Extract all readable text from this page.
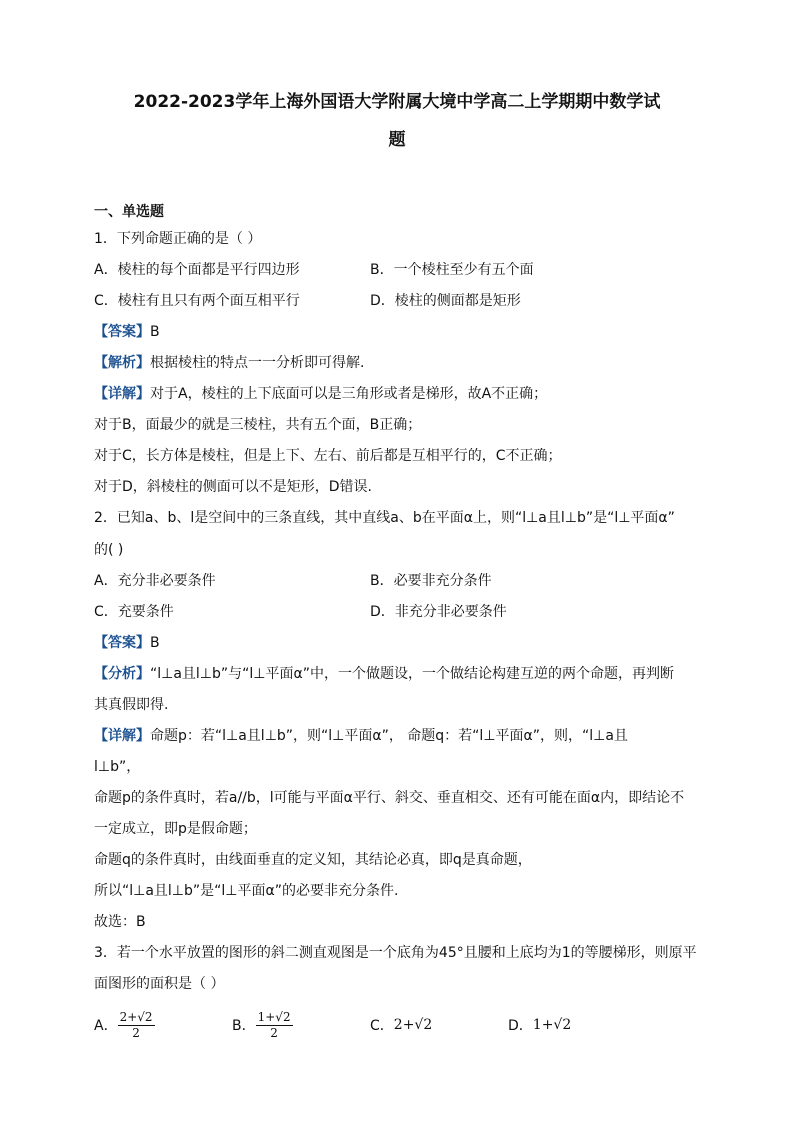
2022-2023学年上海外国语大学附属大境中学高二上学期期中数学试
题
一、单选题
1．下列命题正确的是（ ）
A．棱柱的每个面都是平行四边形	B．一个棱柱至少有五个面
C．棱柱有且只有两个面互相平行	D．棱柱的侧面都是矩形
【答案】B
【解析】根据棱柱的特点一一分析即可得解.
【详解】对于A，棱柱的上下底面可以是三角形或者是梯形，故A不正确；
对于B，面最少的就是三棱柱，共有五个面，B正确；
对于C，长方体是棱柱，但是上下、左右、前后都是互相平行的，C不正确；
对于D，斜棱柱的侧面可以不是矩形，D错误.
2．已知a、b、l是空间中的三条直线，其中直线a、b在平面α上，则“l⊥a且l⊥b”是“l⊥平面α”
的( )
A．充分非必要条件	B．必要非充分条件
C．充要条件	D．非充分非必要条件
【答案】B
【分析】“l⊥a且l⊥b”与“l⊥平面α”中，一个做题设，一个做结论构建互逆的两个命题，再判断
其真假即得.
【详解】命题p：若“l⊥a且l⊥b”，则“l⊥平面α”， 命题q：若“l⊥平面α”，则，“l⊥a且
l⊥b”，
命题p的条件真时，若a//b，l可能与平面α平行、斜交、垂直相交、还有可能在面α内，即结论不
一定成立，即p是假命题；
命题q的条件真时，由线面垂直的定义知，其结论必真，即q是真命题，
所以“l⊥a且l⊥b”是“l⊥平面α”的必要非充分条件.
故选：B
3．若一个水平放置的图形的斜二测直观图是一个底角为45°且腰和上底均为1的等腰梯形，则原平
面图形的面积是（ ）
A． $\frac{2+√2}{2}$	B． $\frac{1+√2}{2}$	C． 2+√2	D． 1+√2
